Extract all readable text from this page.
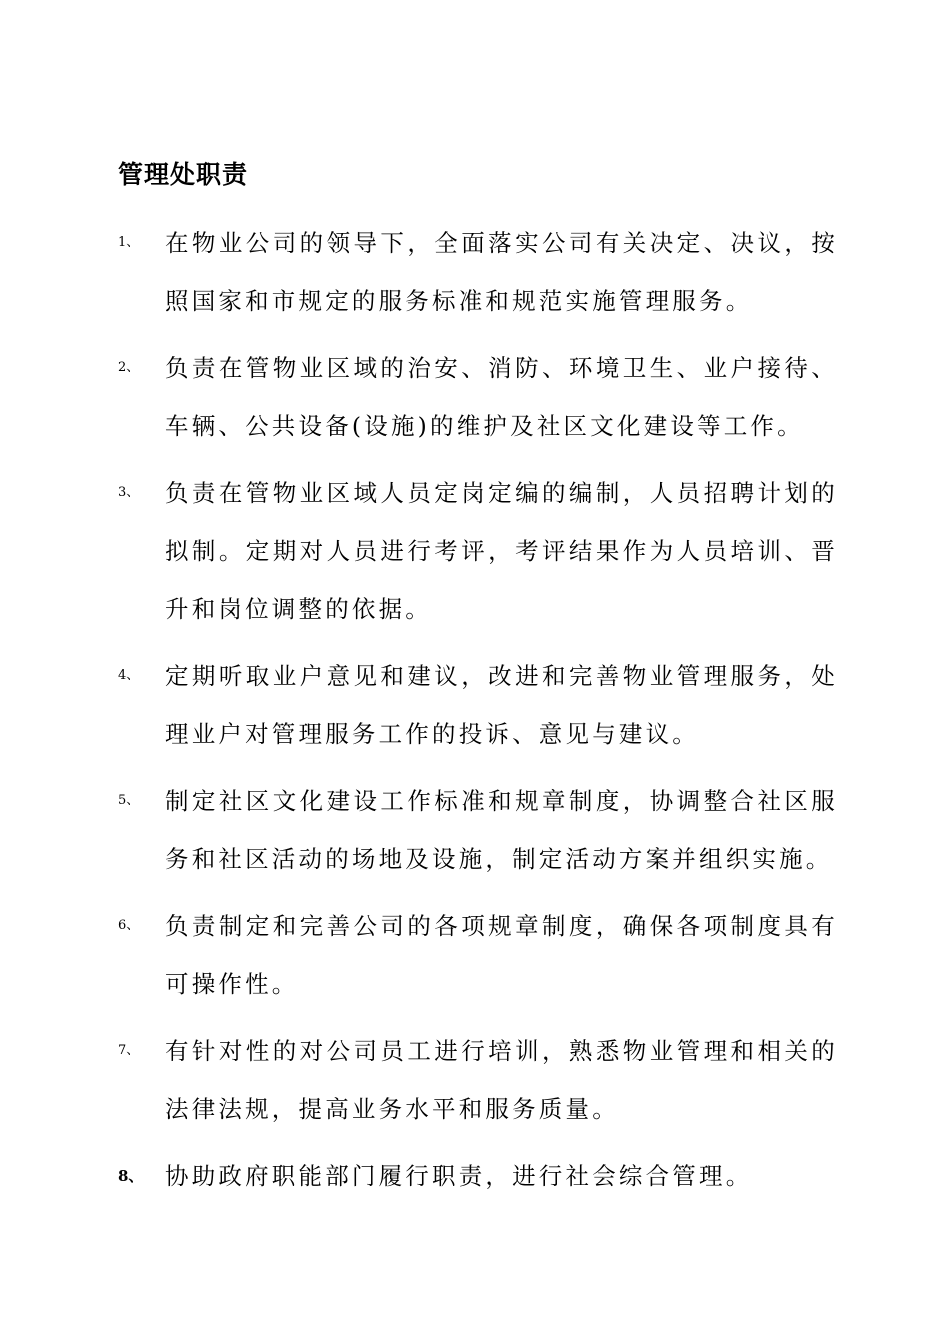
管理处职责
1、 在物业公司的领导下，全面落实公司有关决定、决议，按照国家和市规定的服务标准和规范实施管理服务。
2、 负责在管物业区域的治安、消防、环境卫生、业户接待、车辆、公共设备(设施)的维护及社区文化建设等工作。
3、 负责在管物业区域人员定岗定编的编制，人员招聘计划的拟制。定期对人员进行考评，考评结果作为人员培训、晋升和岗位调整的依据。
4、 定期听取业户意见和建议，改进和完善物业管理服务，处理业户对管理服务工作的投诉、意见与建议。
5、 制定社区文化建设工作标准和规章制度，协调整合社区服务和社区活动的场地及设施，制定活动方案并组织实施。
6、 负责制定和完善公司的各项规章制度，确保各项制度具有可操作性。
7、 有针对性的对公司员工进行培训，熟悉物业管理和相关的法律法规，提高业务水平和服务质量。
8、 协助政府职能部门履行职责，进行社会综合管理。
